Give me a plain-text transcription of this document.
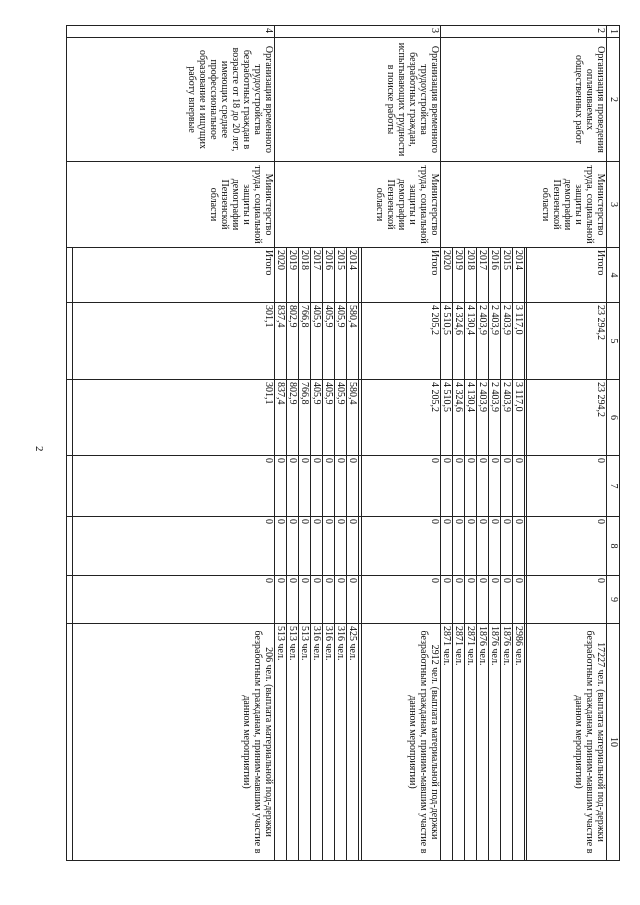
2
1	2	3	4	5	6	7	8	9	10
2	Организация проведения оплачиваемых общественных работ	Министерство труда, социальной защиты и демографии Пензенской области	Итого	23 294,2	23 294,2	0	0	0	17227 чел. (выплата материальной под-держки безработным гражданам, приним-мавшим участие в данном мероприятии)

			2014	3 117,0	3 117,0	0	0	0	2986 чел.
			2015	2 403,9	2 403,9	0	0	0	1876 чел.
			2016	2 403,9	2 403,9	0	0	0	1876 чел.
			2017	2 403,9	2 403,9	0	0	0	1876 чел.
			2018	4 130,4	4 130,4	0	0	0	2871 чел.
			2019	4 324,6	4 324,6	0	0	0	2871 чел.
			2020	4 510,5	4 510,5	0	0	0	2871 чел.
3	Организация временного трудоустройства безработных граждан, испытывающих трудности в поиске работы	Министерство труда, социальной защиты и демографии Пензенской области	Итого	4 205,2	4 205,2	0	0	0	2912 чел. (выплата материальной под-держки безработным гражданам, приним-мавшим участие в данном мероприятии)

			2014	580,4	580,4	0	0	0	425 чел.
			2015	405,9	405,9	0	0	0	316 чел.
			2016	405,9	405,9	0	0	0	316 чел.
			2017	405,9	405,9	0	0	0	316 чел.
			2018	766,8	766,8	0	0	0	513 чел.
			2019	802,9	802,9	0	0	0	513 чел.
			2020	837,4	837,4	0	0	0	513 чел.
4	Организация временного трудоустройства безработных граждан в возрасте от 18 до 20 лет, имеющих среднее профессиональное образование и ищущих работу впервые	Министерство труда, социальной защиты и демографии Пензенской области	Итого	301,1	301,1	0	0	0	206 чел. (выплата материальной под-держки безработным гражданам, приним-мавшим участие в данном мероприятии)
